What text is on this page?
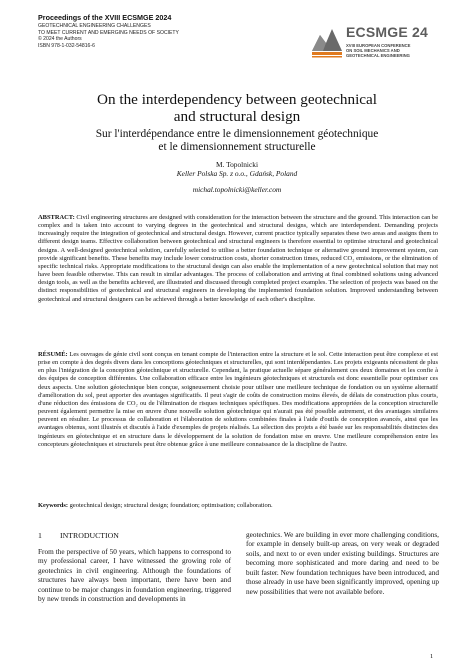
Proceedings of the XVIII ECSMGE 2024
GEOTECHNICAL ENGINEERING CHALLENGES
TO MEET CURRENT AND EMERGING NEEDS OF SOCIETY
© 2024 the Authors
ISBN 978-1-032-54816-6
ECSMGE 24
XVIII EUROPEAN CONFERENCE
ON SOIL MECHANICS AND
GEOTECHNICAL ENGINEERING
On the interdependency between geotechnical
and structural design
Sur l'interdépendance entre le dimensionnement géotechnique
et le dimensionnement structurelle
M. Topolnicki
Keller Polska Sp. z o.o., Gdańsk, Poland
michal.topolnicki@keller.com
ABSTRACT: Civil engineering structures are designed with consideration for the interaction between the structure and the ground. This interaction can be complex and is taken into account to varying degrees in the geotechnical and structural designs, which are interdependent. Demanding projects increasingly require the integration of geotechnical and structural design. However, current practice typically separates these two areas and assigns them to different design teams. Effective collaboration between geotechnical and structural engineers is therefore essential to optimise structural and geotechnical designs. A well-designed geotechnical solution, carefully selected to utilise a better foundation technique or alternative ground improvement system, can provide significant benefits. These benefits may include lower construction costs, shorter construction times, reduced CO₂ emissions, or the elimination of specific technical risks. Appropriate modifications to the structural design can also enable the implementation of a new geotechnical solution that may not have been feasible otherwise. This can result in similar advantages. The process of collaboration and arriving at final combined solutions using advanced design tools, as well as the benefits achieved, are illustrated and discussed through completed project examples. The selection of projects was based on the distinct responsibilities of geotechnical and structural engineers in developing the implemented foundation solution. Improved understanding between geotechnical and structural designers can be achieved through a better knowledge of each other's discipline.
RÉSUMÉ: Les ouvrages de génie civil sont conçus en tenant compte de l'interaction entre la structure et le sol. Cette interaction peut être complexe et est prise en compte à des degrés divers dans les conceptions géotechniques et structurelles, qui sont interdépendantes. Les projets exigeants nécessitent de plus en plus l'intégration de la conception géotechnique et structurelle. Cependant, la pratique actuelle sépare généralement ces deux domaines et les confie à des équipes de conception différentes. Une collaboration efficace entre les ingénieurs géotechniques et structurels est donc essentielle pour optimiser ces deux aspects. Une solution géotechnique bien conçue, soigneusement choisie pour utiliser une meilleure technique de fondation ou un système alternatif d'amélioration du sol, peut apporter des avantages significatifs. Il peut s'agir de coûts de construction moins élevés, de délais de construction plus courts, d'une réduction des émissions de CO₂ ou de l'élimination de risques techniques spécifiques. Des modifications appropriées de la conception structurelle peuvent également permettre la mise en œuvre d'une nouvelle solution géotechnique qui n'aurait pas été possible autrement, et des avantages similaires peuvent en résulter. Le processus de collaboration et l'élaboration de solutions combinées finales à l'aide d'outils de conception avancés, ainsi que les avantages obtenus, sont illustrés et discutés à l'aide d'exemples de projets réalisés. La sélection des projets a été basée sur les responsabilités distinctes des ingénieurs en géotechnique et en structure dans le développement de la solution de fondation mise en œuvre. Une meilleure compréhension entre les concepteurs géotechniques et structurels peut être obtenue grâce à une meilleure connaissance de la discipline de l'autre.
Keywords: geotechnical design; structural design; foundation; optimisation; collaboration.
1 INTRODUCTION
From the perspective of 50 years, which happens to correspond to my professional career, I have witnessed the growing role of geotechnics in civil engineering. Although the foundations of structures have always been important, there have been and continue to be major changes in foundation engineering, triggered by new trends in construction and developments in
geotechnics. We are building in ever more challenging conditions, for example in densely built-up areas, on very weak or degraded soils, and next to or even under existing buildings. Structures are becoming more sophisticated and more daring and need to be built faster. New foundation techniques have been introduced, and those already in use have been significantly improved, opening up new possibilities that were not available before.
1
